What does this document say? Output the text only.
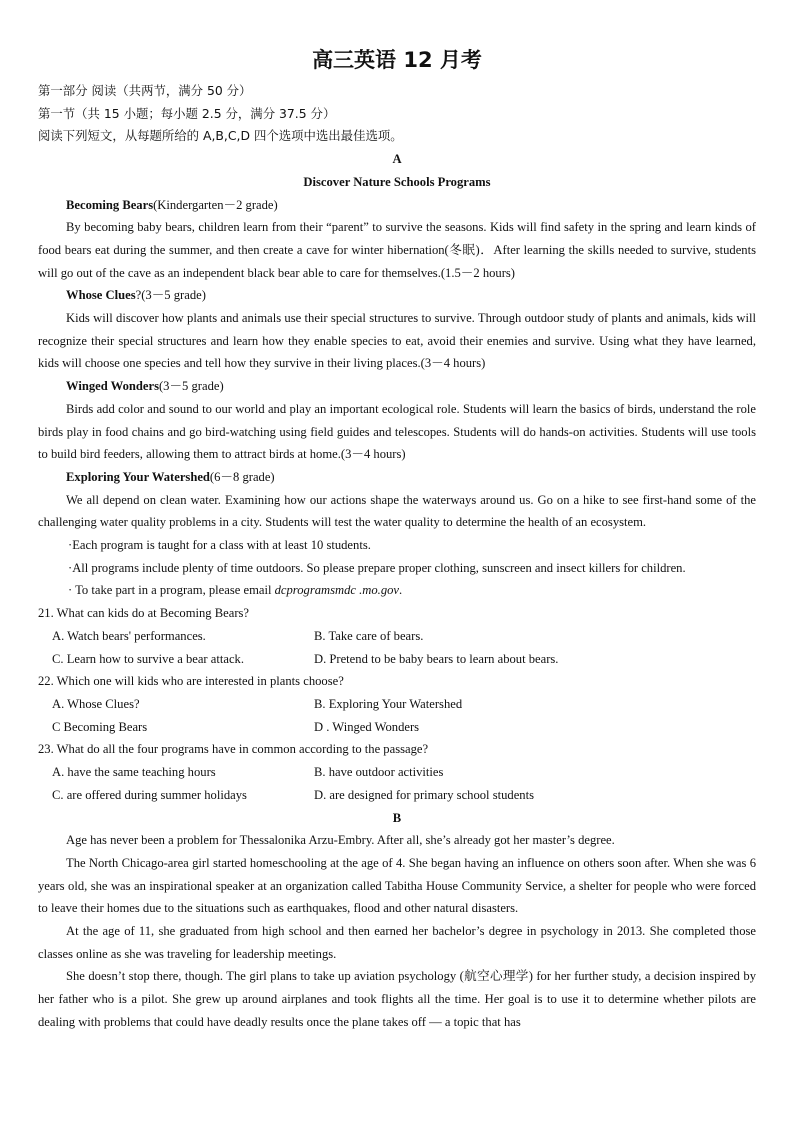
高三英语 12 月考

第一部分 阅读（共两节，满分 50 分）

第一节（共 15 小题；每小题 2.5 分，满分 37.5 分）

阅读下列短文，从每题所给的 A,B,C,D 四个选项中选出最佳选项。

A

Discover Nature Schools Programs

Becoming Bears(Kindergarten－2 grade)

By becoming baby bears, children learn from their “parent” to survive the seasons. Kids will find safety in the spring and learn kinds of food bears eat during the summer, and then create a cave for winter hibernation(冬眠)．After learning the skills needed to survive, students will go out of the cave as an independent black bear able to care for themselves.(1.5－2 hours)

Whose Clues?(3－5 grade)

Kids will discover how plants and animals use their special structures to survive. Through outdoor study of plants and animals, kids will recognize their special structures and learn how they enable species to eat, avoid their enemies and survive. Using what they have learned, kids will choose one species and tell how they survive in their living places.(3－4 hours)

Winged Wonders(3－5 grade)

Birds add color and sound to our world and play an important ecological role. Students will learn the basics of birds, understand the role birds play in food chains and go bird-watching using field guides and telescopes. Students will do hands-on activities. Students will use tools to build bird feeders, allowing them to attract birds at home.(3－4 hours)

Exploring Your Watershed(6－8 grade)

We all depend on clean water. Examining how our actions shape the waterways around us. Go on a hike to see first-hand some of the challenging water quality problems in a city. Students will test the water quality to determine the health of an ecosystem.

·Each program is taught for a class with at least 10 students.

·All programs include plenty of time outdoors. So please prepare proper clothing, sunscreen and insect killers for children.

· To take part in a program, please email dcprogramsmdc .mo.gov.

21. What can kids do at Becoming Bears?

A. Watch bears' performances.	B. Take care of bears.
C. Learn how to survive a bear attack.	D. Pretend to be baby bears to learn about bears.

22. Which one will kids who are interested in plants choose?

A. Whose Clues?	B. Exploring Your Watershed
C Becoming Bears	D . Winged Wonders

23. What do all the four programs have in common according to the passage?

A. have the same teaching hours	B. have outdoor activities
C. are offered during summer holidays	D. are designed for primary school students

B

Age has never been a problem for Thessalonika Arzu-Embry. After all, she’s already got her master’s degree.

The North Chicago-area girl started homeschooling at the age of 4. She began having an influence on others soon after. When she was 6 years old, she was an inspirational speaker at an organization called Tabitha House Community Service, a shelter for people who were forced to leave their homes due to the situations such as earthquakes, flood and other natural disasters.

At the age of 11, she graduated from high school and then earned her bachelor’s degree in psychology in 2013. She completed those classes online as she was traveling for leadership meetings.

She doesn’t stop there, though. The girl plans to take up aviation psychology (航空心理学) for her further study, a decision inspired by her father who is a pilot. She grew up around airplanes and took flights all the time. Her goal is to use it to determine whether pilots are dealing with problems that could have deadly results once the plane takes off — a topic that has
